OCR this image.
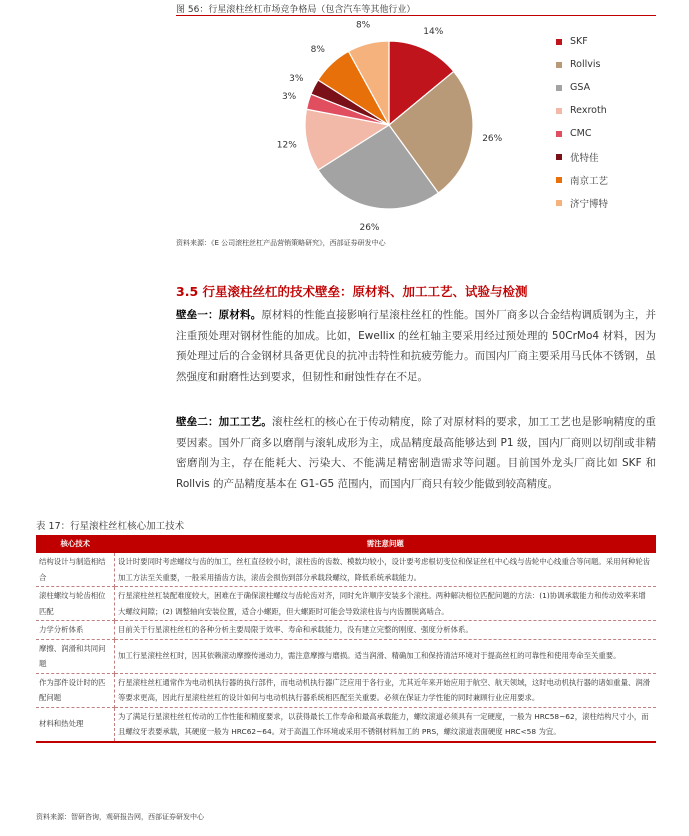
图 56：行星滚柱丝杠市场竞争格局（包含汽车等其他行业）
14%
26%
26%
12%
3%
3%
8%
8%
SKF
Rollvis
GSA
Rexroth
CMC
优特佳
南京工艺
济宁博特
资料来源：《E 公司滚柱丝杠产品营销策略研究》，西部证券研发中心
3.5 行星滚柱丝杠的技术壁垒：原材料、加工工艺、试验与检测
壁垒一：原材料。原材料的性能直接影响行星滚柱丝杠的性能。国外厂商多以合金结构调质钢为主，并注重预处理对钢材性能的加成。比如，Ewellix 的丝杠轴主要采用经过预处理的 50CrMo4 材料，因为预处理过后的合金钢材具备更优良的抗冲击特性和抗疲劳能力。而国内厂商主要采用马氏体不锈钢，虽然强度和耐磨性达到要求，但韧性和耐蚀性存在不足。
壁垒二：加工工艺。滚柱丝杠的核心在于传动精度，除了对原材料的要求，加工工艺也是影响精度的重要因素。国外厂商多以磨削与滚轧成形为主，成品精度最高能够达到 P1 级，国内厂商则以切削或非精密磨削为主，存在能耗大、污染大、不能满足精密制造需求等问题。目前国外龙头厂商比如 SKF 和 Rollvis 的产品精度基本在 G1-G5 范围内，而国内厂商只有较少能做到较高精度。
表 17：行星滚柱丝杠核心加工技术
核心技术	需注意问题
结构设计与制造相结合	设计时要同时考虑螺纹与齿的加工，丝杠直径较小时，滚柱齿的齿数、模数均较小，设计要考虑根切变位和保证丝杠中心线与齿轮中心线重合等问题。采用何种轮齿加工方法至关重要，一般采用插齿方法，滚齿会损伤到部分承载段螺纹，降低系统承载能力。
滚柱螺纹与轮齿相位匹配	行星滚柱丝杠装配难度较大，困难在于确保滚柱螺纹与齿轮齿对齐，同时允许顺序安装多个滚柱。两种解决相位匹配问题的方法：(1)协调承载能力和传动效率来增大螺纹间隙；(2) 调整轴向安装位置，适合小螺距，但大螺距时可能会导致滚柱齿与内齿圈脱离啮合。
力学分析体系	目前关于行星滚柱丝杠的各种分析主要局限于效率、寿命和承载能力，没有建立完整的刚度、强度分析体系。
摩擦、润滑和共同问题	加工行星滚柱丝杠时，因其依赖滚动摩擦传递动力，需注意摩擦与磨损。适当润滑、精确加工和保持清洁环境对于提高丝杠的可靠性和使用寿命至关重要。
作为部件设计时的匹配问题	行星滚柱丝杠通常作为电动机执行器的执行部件，而电动机执行器广泛应用于各行业，尤其近年来开始应用于航空、航天领域，这时电动机执行器的诸如重量、润滑等要求更高，因此行星滚柱丝杠的设计如何与电动机执行器系统相匹配至关重要。必须在保证力学性能的同时兼顾行业应用要求。
材料和热处理	为了满足行星滚柱丝杠传动的工作性能和精度要求，以获得最长工作寿命和最高承载能力，螺纹滚道必须具有一定硬度，一般为 HRC58~62，滚柱结构尺寸小，而且螺纹牙表要承载，其硬度一般为 HRC62~64。对于高温工作环境或采用不锈钢材料加工的 PRS，螺纹滚道表面硬度 HRC<58 为宜。
资料来源：智研咨询，观研报告网，西部证券研发中心
